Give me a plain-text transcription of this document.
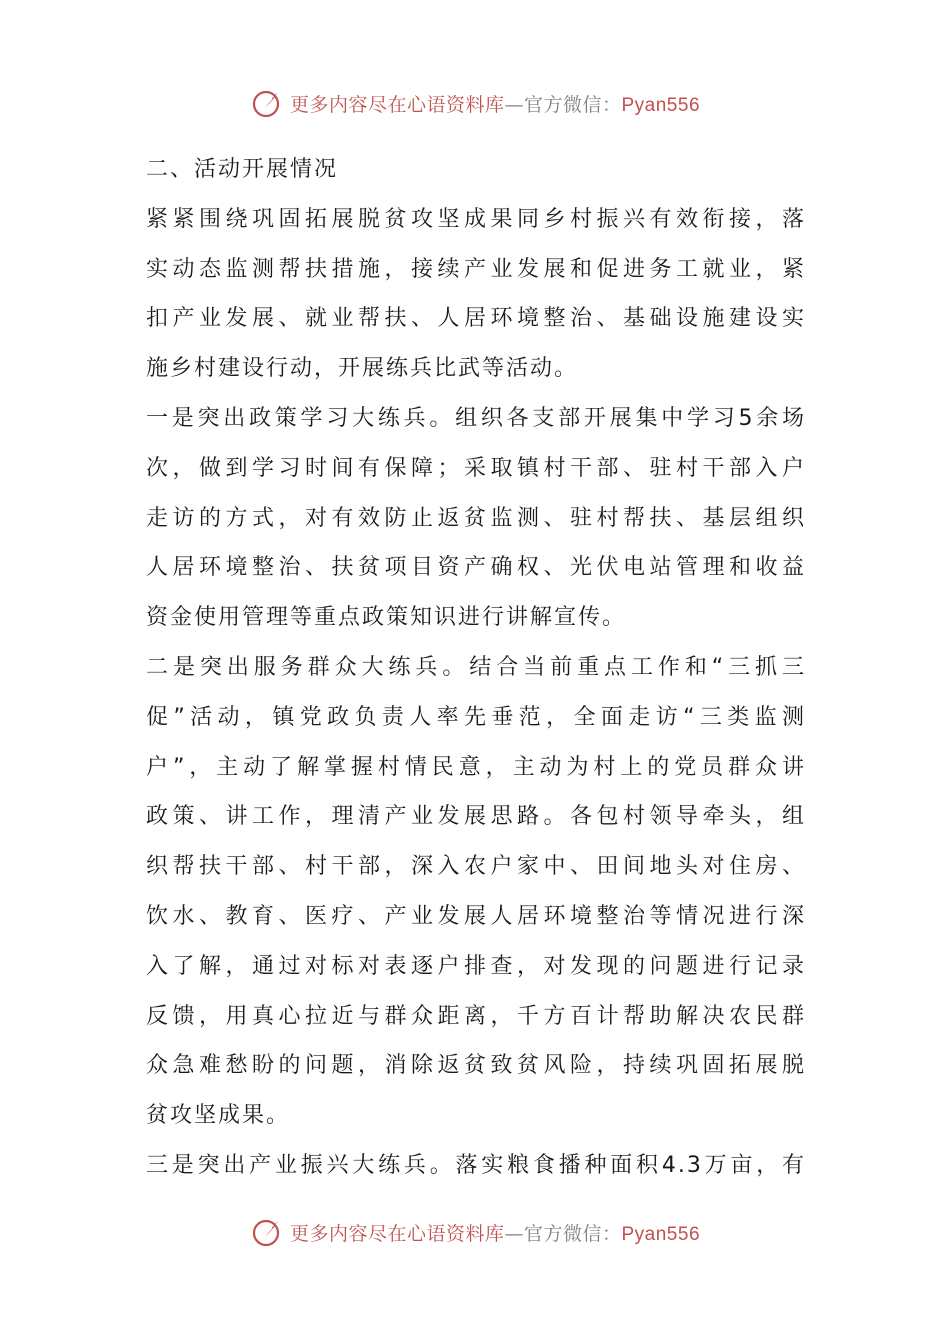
更多内容尽在心语资料库—官方微信：Pyan556
二、活动开展情况
紧紧围绕巩固拓展脱贫攻坚成果同乡村振兴有效衔接，落
实动态监测帮扶措施，接续产业发展和促进务工就业，紧
扣产业发展、就业帮扶、人居环境整治、基础设施建设实
施乡村建设行动，开展练兵比武等活动。
一是突出政策学习大练兵。组织各支部开展集中学习5余场
次，做到学习时间有保障；采取镇村干部、驻村干部入户
走访的方式，对有效防止返贫监测、驻村帮扶、基层组织
人居环境整治、扶贫项目资产确权、光伏电站管理和收益
资金使用管理等重点政策知识进行讲解宣传。
二是突出服务群众大练兵。结合当前重点工作和“三抓三
促”活动，镇党政负责人率先垂范，全面走访“三类监测
户”，主动了解掌握村情民意，主动为村上的党员群众讲
政策、讲工作，理清产业发展思路。各包村领导牵头，组
织帮扶干部、村干部，深入农户家中、田间地头对住房、
饮水、教育、医疗、产业发展人居环境整治等情况进行深
入了解，通过对标对表逐户排查，对发现的问题进行记录
反馈，用真心拉近与群众距离，千方百计帮助解决农民群
众急难愁盼的问题，消除返贫致贫风险，持续巩固拓展脱
贫攻坚成果。
三是突出产业振兴大练兵。落实粮食播种面积4.3万亩，有
更多内容尽在心语资料库—官方微信：Pyan556
